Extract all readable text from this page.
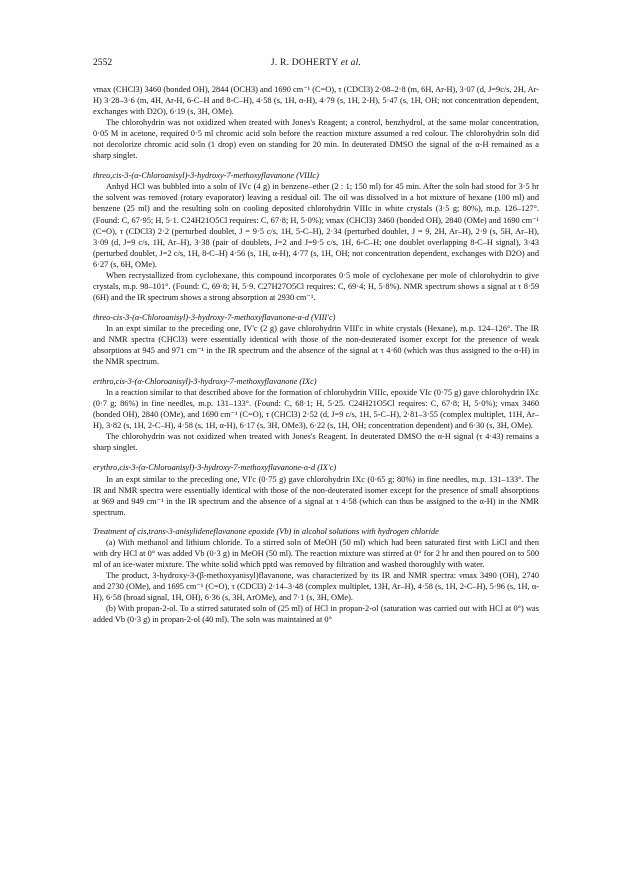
2552	J. R. DOHERTY et al.

νmax (CHCl3) 3460 (bonded OH), 2844 (OCH3) and 1690 cm⁻¹ (C=O), τ (CDCl3) 2·08–2·8 (m, 6H, Ar-H), 3·07 (d, J=9c/s, 2H, Ar-H) 3·28–3·6 (m, 4H, Ar-H, 6-C–H and 8-C–H), 4·58 (s, 1H, α-H), 4·79 (s, 1H, 2-H), 5·47 (s, 1H, OH; not concentration dependent, exchanges with D2O), 6·19 (s, 3H, OMe).

The chlorohydrin was not oxidized when treated with Jones's Reagent; a control, benzhydrol, at the same molar concentration, 0·05 M in acetone, required 0·5 ml chromic acid soln before the reaction mixture assumed a red colour. The chlorohydrin soln did not decolorize chromic acid soln (1 drop) even on standing for 20 min. In deuterated DMSO the signal of the α-H remained as a sharp singlet.

threo,cis-3-(α-Chloroanisyl)-3-hydroxy-7-methoxyflavanone (VIIIc)

Anhyd HCl was bubbled into a soln of IVc (4 g) in benzene–ether (2 : 1; 150 ml) for 45 min. After the soln had stood for 3·5 hr the solvent was removed (rotary evaporator) leaving a residual oil. The oil was dissolved in a hot mixture of hexane (100 ml) and benzene (25 ml) and the resulting soln on cooling deposited chlorohydrin VIIIc in white crystals (3·5 g; 80%), m.p. 126–127°. (Found: C, 67·95; H, 5·1. C24H21O5Cl requires: C, 67·8; H, 5·0%); νmax (CHCl3) 3460 (bonded OH), 2840 (OMe) and 1690 cm⁻¹ (C=O), τ (CDCl3) 2·2 (perturbed doublet, J = 9·5 c/s, 1H, 5-C–H), 2·34 (perturbed doublet, J = 9, 2H, Ar–H), 2·9 (s, 5H, Ar–H), 3·09 (d, J=9 c/s, 1H, Ar–H), 3·38 (pair of doublets, J=2 and J=9·5 c/s, 1H, 6-C–H; one doublet overlapping 8-C–H signal), 3·43 (perturbed doublet, J=2 c/s, 1H, 8-C–H) 4·56 (s, 1H, α-H), 4·77 (s, 1H, OH; not concentration dependent, exchanges with D2O) and 6·27 (s, 6H, OMe).

When recrystallized from cyclohexane, this compound incorporates 0·5 mole of cyclohexane per mole of chlorohydrin to give crystals, m.p. 98–101°. (Found: C, 69·8; H, 5·9. C27H27O5Cl requires: C, 69·4; H, 5·8%). NMR spectrum shows a signal at τ 8·59 (6H) and the IR spectrum shows a strong absorption at 2930 cm⁻¹.

threo-cis-3-(α-Chloroanisyl)-3-hydroxy-7-methoxyflavanone-α-d (VIII'c)

In an expt similar to the preceding one, IV'c (2 g) gave chlorohydrin VIII'c in white crystals (Hexane), m.p. 124–126°. The IR and NMR spectra (CHCl3) were essentially identical with those of the non-deuterated isomer except for the presence of weak absorptions at 945 and 971 cm⁻¹ in the IR spectrum and the absence of the signal at τ 4·60 (which was thus assigned to the α-H) in the NMR spectrum.

erthro,cis-3-(α-Chloroanisyl)-3-hydroxy-7-methoxyflavanone (IXc)

In a reaction similar to that described above for the formation of chlorohydrin VIIIc, epoxide VIc (0·75 g) gave chlorohydrin IXc (0·7 g; 86%) in fine needles, m.p. 131–133°. (Found: C, 68·1; H, 5·25. C24H21O5Cl requires: C, 67·8; H, 5·0%); νmax 3460 (bonded OH), 2840 (OMe), and 1690 cm⁻¹ (C=O), τ (CHCl3) 2·52 (d, J=9 c/s, 1H, 5-C–H), 2·81–3·55 (complex multiplet, 11H, Ar–H), 3·82 (s, 1H, 2-C–H), 4·58 (s, 1H, α-H), 6·17 (s, 3H, OMe3), 6·22 (s, 1H, OH; concentration dependent) and 6·30 (s, 3H, OMe).

The chlorohydrin was not oxidized when treated with Jones's Reagent. In deuterated DMSO the α-H signal (τ 4·43) remains a sharp singlet.

erythro,cis-3-(α-Chloroanisyl)-3-hydroxy-7-methoxyflavanone-α-d (IX'c)

In an expt similar to the preceding one, VI'c (0·75 g) gave chlorohydrin IXc (0·65 g; 80%) in fine needles, m.p. 131–133°. The IR and NMR spectra were essentially identical with those of the non-deuterated isomer except for the presence of small absorptions at 969 and 949 cm⁻¹ in the IR spectrum and the absence of a signal at τ 4·58 (which can thus be assigned to the α-H) in the NMR spectrum.

Treatment of cis,trans-3-anisylideneflavanone epoxide (Vb) in alcohol solutions with hydrogen chloride

(a) With methanol and lithium chloride. To a stirred soln of MeOH (50 ml) which had been saturated first with LiCl and then with dry HCl at 0° was added Vb (0·3 g) in MeOH (50 ml). The reaction mixture was stirred at 0° for 2 hr and then poured on to 500 ml of an ice-water mixture. The white solid which pptd was removed by filtration and washed thoroughly with water.

The product, 3-hydroxy-3-(β-methoxyanisyl)flavanone, was characterized by its IR and NMR spectra: νmax 3490 (OH), 2740 and 2730 (OMe), and 1695 cm⁻¹ (C=O), τ (CDCl3) 2·14–3·48 (complex multiplet, 13H, Ar–H), 4·58 (s, 1H, 2-C–H), 5·96 (s, 1H, α-H), 6·58 (broad signal, 1H, OH), 6·36 (s, 3H, ArOMe), and 7·1 (s, 3H, OMe).

(b) With propan-2-ol. To a stirred saturated soln of (25 ml) of HCl in propan-2-ol (saturation was carried out with HCl at 0°) was added Vb (0·3 g) in propan-2-ol (40 ml). The soln was maintained at 0°
